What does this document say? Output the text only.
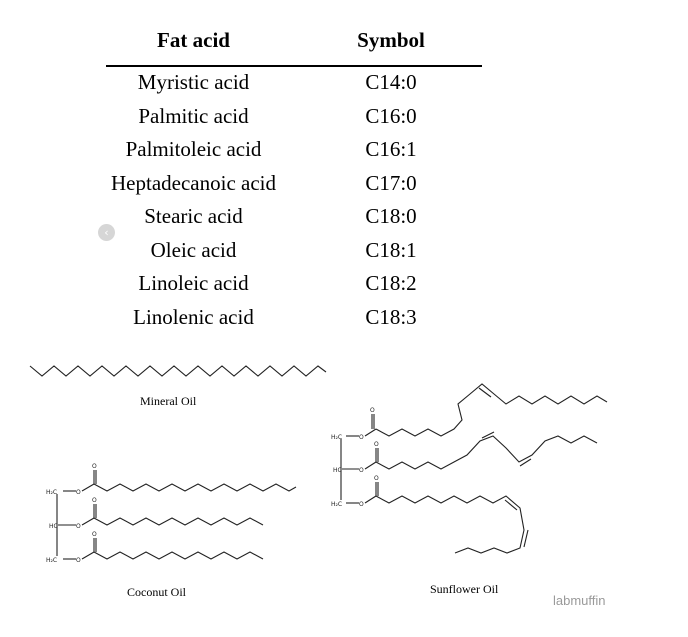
Fat acid	Symbol
Myristic acid	C14:0
Palmitic acid	C16:0
Palmitoleic acid	C16:1
Heptadecanoic acid	C17:0
Stearic acid	C18:0
Oleic acid	C18:1
Linoleic acid	C18:2
Linolenic acid	C18:3
‹
H₂C
HC
H₂C
O
O
O
O
O
O
H₂C
HC
H₂C
O
O
O
O
O
O
Mineral Oil
Coconut Oil	Sunflower Oil
labmuffin
